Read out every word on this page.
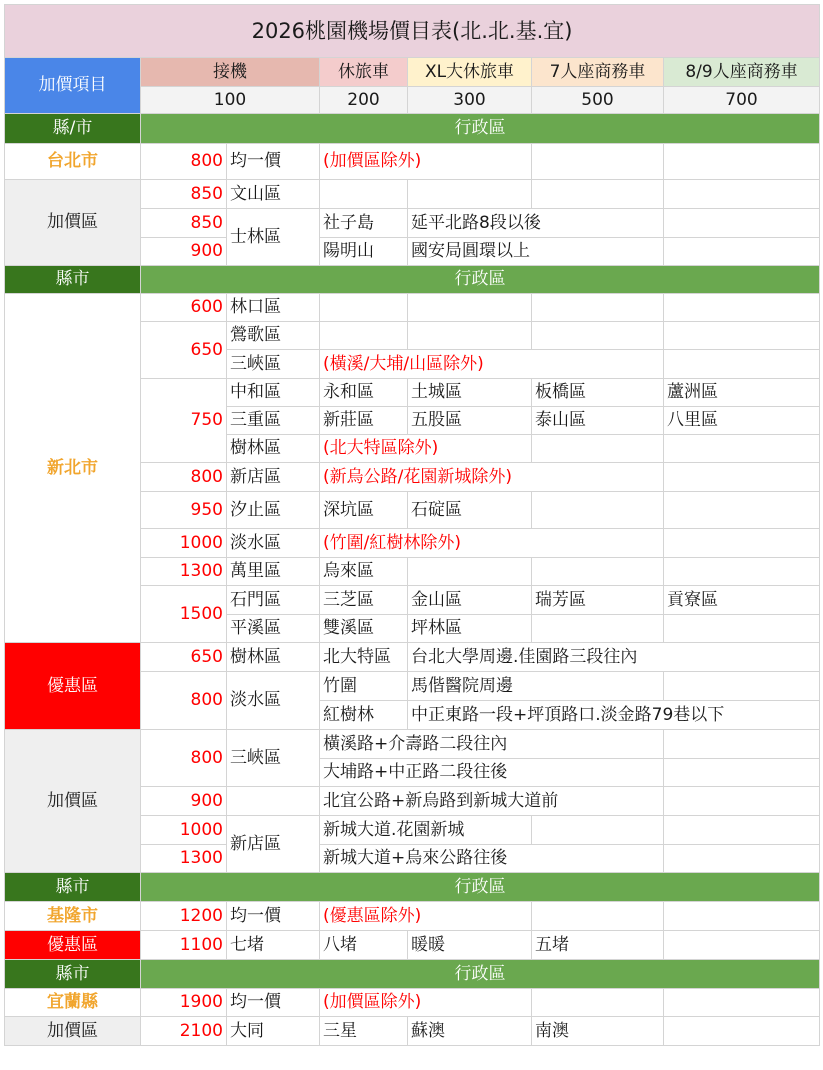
2026桃園機場價目表(北.北.基.宜)						
加價項目	接機		休旅車	XL大休旅車	7人座商務車	8/9人座商務車
	100		200	300	500	700
縣/市	行政區					
台北市	800	均一價	(加價區除外)			
加價區	850	文山區				
	850	士林區	社子島	延平北路8段以後		
	900		陽明山	國安局圓環以上		
縣市	行政區					
新北市	600	林口區				
	650	鶯歌區				
		三峽區	(橫溪/大埔/山區除外)			
	750	中和區	永和區	土城區	板橋區	蘆洲區
		三重區	新莊區	五股區	泰山區	八里區
		樹林區	(北大特區除外)			
	800	新店區	(新烏公路/花園新城除外)			
	950	汐止區	深坑區	石碇區		
	1000	淡水區	(竹圍/紅樹林除外)			
	1300	萬里區	烏來區			
	1500	石門區	三芝區	金山區	瑞芳區	貢寮區
		平溪區	雙溪區	坪林區		
優惠區	650	樹林區	北大特區	台北大學周邊.佳園路三段往內		
	800	淡水區	竹圍	馬偕醫院周邊		
			紅樹林	中正東路一段+坪頂路口.淡金路79巷以下		
加價區	800	三峽區	橫溪路+介壽路二段往內			
			大埔路+中正路二段往後			
	900		北宜公路+新烏路到新城大道前			
	1000	新店區	新城大道.花園新城			
	1300		新城大道+烏來公路往後			
縣市	行政區					
基隆市	1200	均一價	(優惠區除外)			
優惠區	1100	七堵	八堵	暖暖	五堵	
縣市	行政區					
宜蘭縣	1900	均一價	(加價區除外)			
加價區	2100	大同	三星	蘇澳	南澳	
